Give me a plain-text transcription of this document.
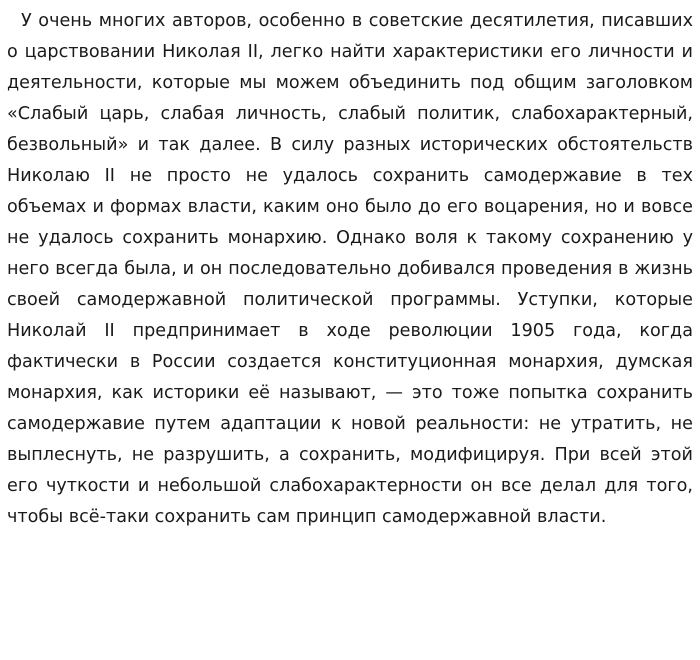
У очень многих авторов, особенно в советские десятилетия, писавших о царствовании Николая II, легко найти характеристики его личности и деятельности, которые мы можем объединить под общим заголовком «Слабый царь, слабая личность, слабый политик, слабохарактерный, безвольный» и так далее. В силу разных исторических обстоятельств Николаю II не просто не удалось сохранить самодержавие в тех объемах и формах власти, каким оно было до его воцарения, но и вовсе не удалось сохранить монархию. Однако воля к такому сохранению у него всегда была, и он последовательно добивался проведения в жизнь своей самодержавной политической программы. Уступки, которые Николай II предпринимает в ходе революции 1905 года, когда фактически в России создается конституционная монархия, думская монархия, как историки её называют, — это тоже попытка сохранить самодержавие путем адаптации к новой реальности: не утратить, не выплеснуть, не разрушить, а сохранить, модифицируя. При всей этой его чуткости и небольшой слабохарактерности он все делал для того, чтобы всё-таки сохранить сам принцип самодержавной власти.
